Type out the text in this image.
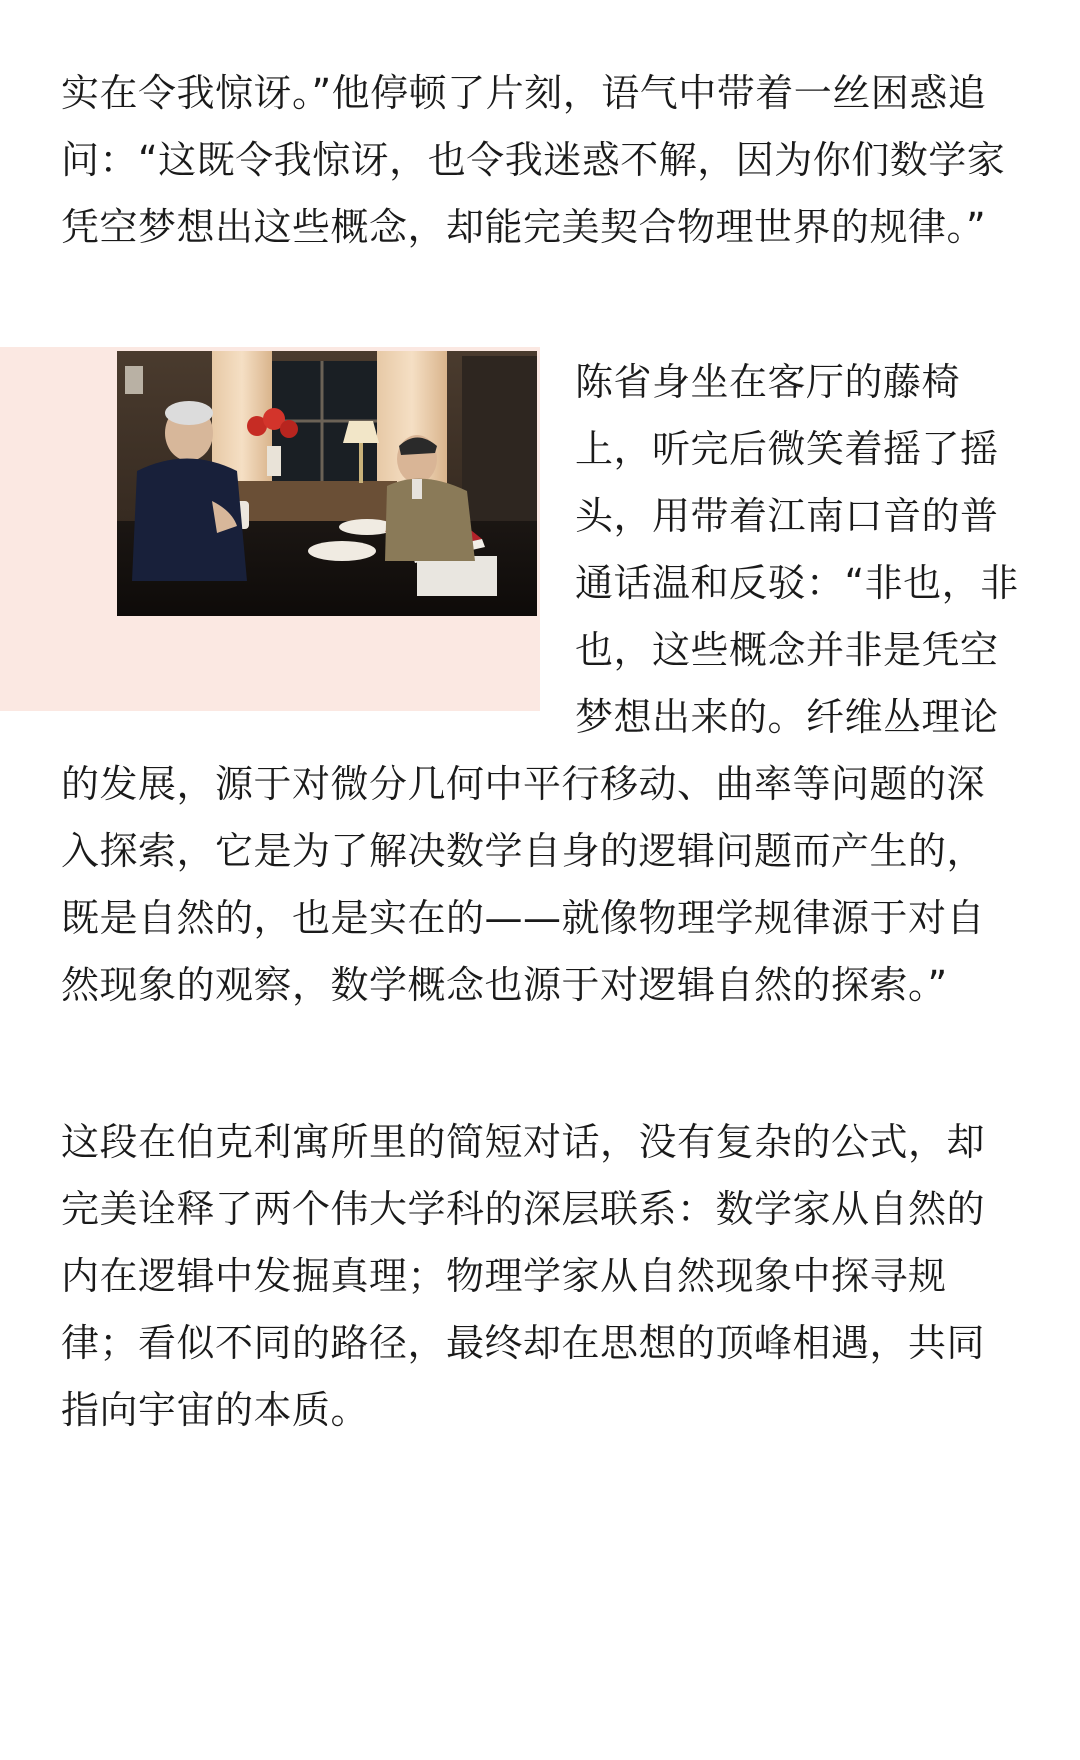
实在令我惊讶。”他停顿了片刻，语气中带着一丝困惑追
问：“这既令我惊讶，也令我迷惑不解，因为你们数学家
凭空梦想出这些概念，却能完美契合物理世界的规律。”
陈省身坐在客厅的藤椅
上，听完后微笑着摇了摇
头，用带着江南口音的普
通话温和反驳：“非也，非
也，这些概念并非是凭空
梦想出来的。纤维丛理论
的发展，源于对微分几何中平行移动、曲率等问题的深
入探索，它是为了解决数学自身的逻辑问题而产生的，
既是自然的，也是实在的——就像物理学规律源于对自
然现象的观察，数学概念也源于对逻辑自然的探索。”
这段在伯克利寓所里的简短对话，没有复杂的公式，却
完美诠释了两个伟大学科的深层联系：数学家从自然的
内在逻辑中发掘真理；物理学家从自然现象中探寻规
律；看似不同的路径，最终却在思想的顶峰相遇，共同
指向宇宙的本质。
